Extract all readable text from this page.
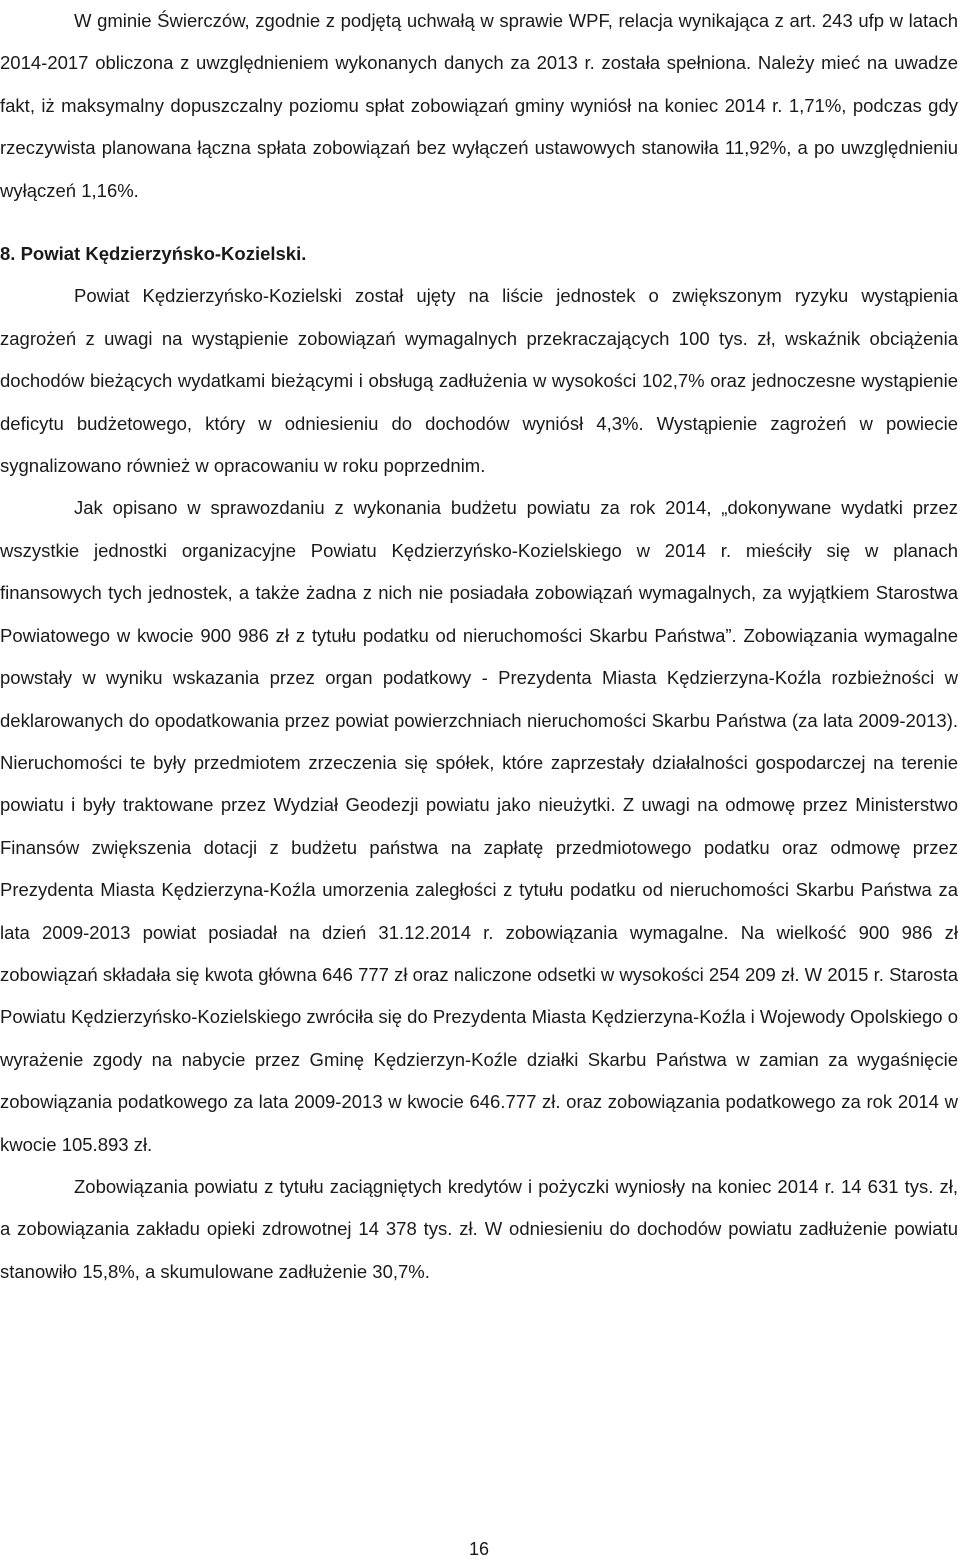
W gminie Świerczów, zgodnie z podjętą uchwałą w sprawie WPF, relacja wynikająca z art. 243 ufp w latach 2014-2017 obliczona z uwzględnieniem wykonanych danych za 2013 r. została spełniona. Należy mieć na uwadze fakt, iż maksymalny dopuszczalny poziomu spłat zobowiązań gminy wyniósł na koniec 2014 r. 1,71%, podczas gdy rzeczywista planowana łączna spłata zobowiązań bez wyłączeń ustawowych stanowiła 11,92%, a po uwzględnieniu wyłączeń 1,16%.

8. Powiat Kędzierzyńsko-Kozielski.

Powiat Kędzierzyńsko-Kozielski został ujęty na liście jednostek o zwiększonym ryzyku wystąpienia zagrożeń z uwagi na wystąpienie zobowiązań wymagalnych przekraczających 100 tys. zł, wskaźnik obciążenia dochodów bieżących wydatkami bieżącymi i obsługą zadłużenia w wysokości 102,7% oraz jednoczesne wystąpienie deficytu budżetowego, który w odniesieniu do dochodów wyniósł 4,3%. Wystąpienie zagrożeń w powiecie sygnalizowano również w opracowaniu w roku poprzednim.

Jak opisano w sprawozdaniu z wykonania budżetu powiatu za rok 2014, „dokonywane wydatki przez wszystkie jednostki organizacyjne Powiatu Kędzierzyńsko-Kozielskiego w 2014 r. mieściły się w planach finansowych tych jednostek, a także żadna z nich nie posiadała zobowiązań wymagalnych, za wyjątkiem Starostwa Powiatowego w kwocie 900 986 zł z tytułu podatku od nieruchomości Skarbu Państwa”. Zobowiązania wymagalne powstały w wyniku wskazania przez organ podatkowy - Prezydenta Miasta Kędzierzyna-Koźla rozbieżności w deklarowanych do opodatkowania przez powiat powierzchniach nieruchomości Skarbu Państwa (za lata 2009-2013). Nieruchomości te były przedmiotem zrzeczenia się spółek, które zaprzestały działalności gospodarczej na terenie powiatu i były traktowane przez Wydział Geodezji powiatu jako nieużytki. Z uwagi na odmowę przez Ministerstwo Finansów zwiększenia dotacji z budżetu państwa na zapłatę przedmiotowego podatku oraz odmowę przez Prezydenta Miasta Kędzierzyna-Koźla umorzenia zaległości z tytułu podatku od nieruchomości Skarbu Państwa za lata 2009-2013 powiat posiadał na dzień 31.12.2014 r. zobowiązania wymagalne. Na wielkość 900 986 zł zobowiązań składała się kwota główna 646 777 zł oraz naliczone odsetki w wysokości 254 209 zł. W 2015 r. Starosta Powiatu Kędzierzyńsko-Kozielskiego zwróciła się do Prezydenta Miasta Kędzierzyna-Koźla i Wojewody Opolskiego o wyrażenie zgody na nabycie przez Gminę Kędzierzyn-Koźle działki Skarbu Państwa w zamian za wygaśnięcie zobowiązania podatkowego za lata 2009-2013 w kwocie 646.777 zł. oraz zobowiązania podatkowego za rok 2014 w kwocie 105.893 zł.

Zobowiązania powiatu z tytułu zaciągniętych kredytów i pożyczki wyniosły na koniec 2014 r. 14 631 tys. zł, a zobowiązania zakładu opieki zdrowotnej 14 378 tys. zł. W odniesieniu do dochodów powiatu zadłużenie powiatu stanowiło 15,8%, a skumulowane zadłużenie 30,7%.

16
